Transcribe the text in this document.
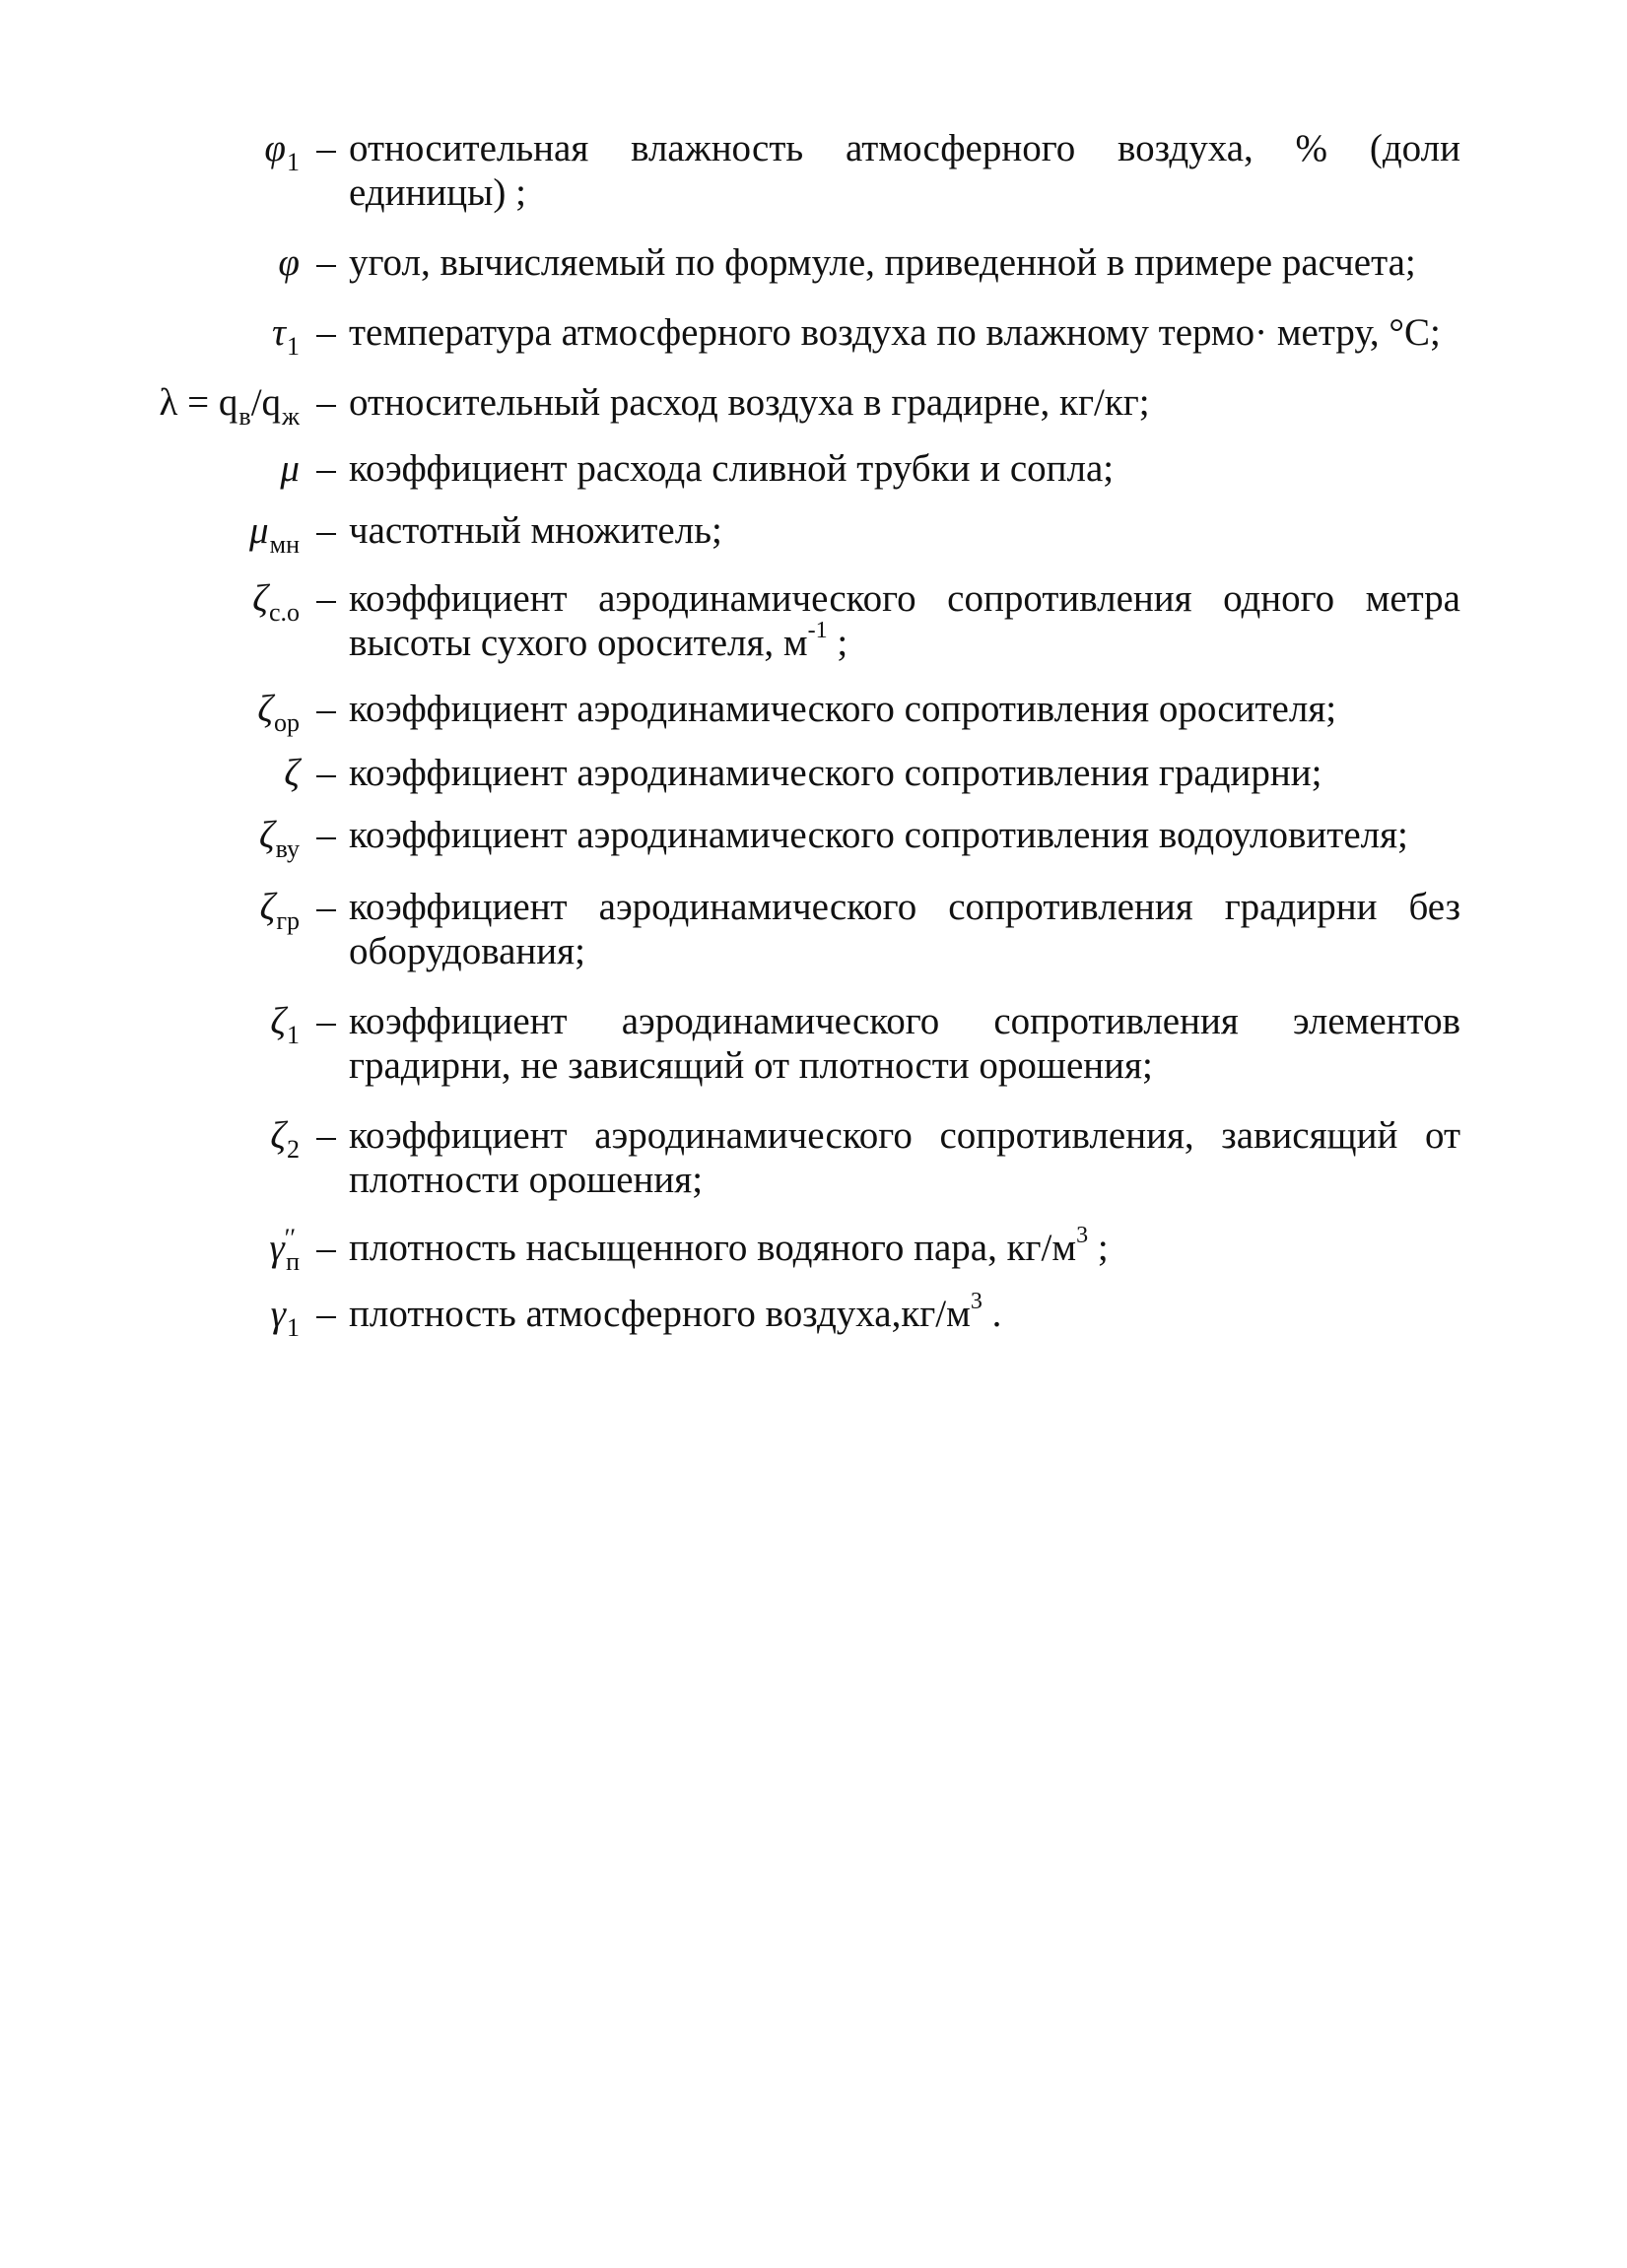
$\varphi_1$ – относительная влажность атмосферного воздуха, % (доли единицы) ;
φ – угол, вычисляемый по формуле, приведенной в примере расчета;
$\tau_1$ – температура атмосферного воздуха по влажному термо· метру, °С;
$\lambda = q_в/q_ж$ – относительный расход воздуха в градирне, кг/кг;
μ – коэффициент расхода сливной трубки и сопла;
$\mu_{мн}$ – частотный множитель;
$\zeta_{с.о}$ – коэффициент аэродинамического сопротивления одного метра высоты сухого оросителя, $м^{-1}$ ;
$\zeta_{ор}$ – коэффициент аэродинамического сопротивления оросителя;
ζ – коэффициент аэродинамического сопротивления градирни;
$\zeta_{ву}$ – коэффициент аэродинамического сопротивления водоуловителя;
$\zeta_{гр}$ – коэффициент аэродинамического сопротивления градирни без оборудования;
$\zeta_1$ – коэффициент аэродинамического сопротивления элементов градирни, не зависящий от плотности орошения;
$\zeta_2$ – коэффициент аэродинамического сопротивления, зависящий от плотности орошения;
$\gamma''_п$ – плотность насыщенного водяного пара, $кг/м^3$ ;
$\gamma_1$ – плотность атмосферного $воздуха,кг/м^3$ .
